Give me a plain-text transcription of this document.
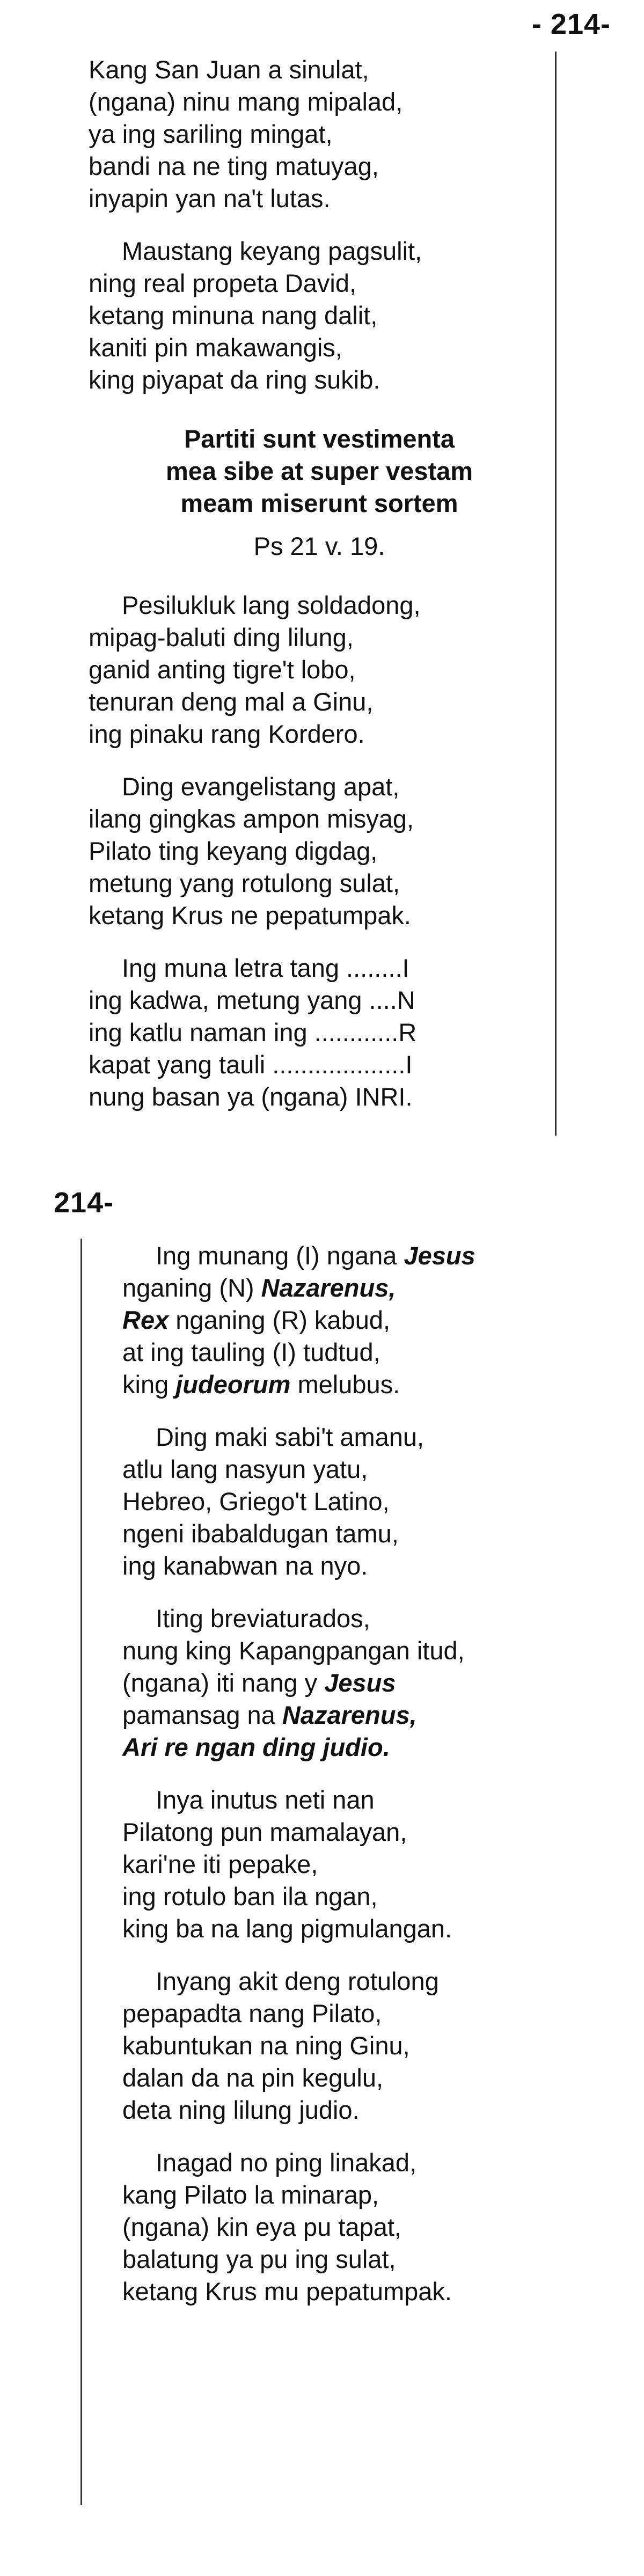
- 214-
Kang San Juan a sinulat,
(ngana) ninu mang mipalad,
ya ing sariling mingat,
bandi na ne ting matuyag,
inyapin yan na't lutas.
Maustang keyang pagsulit,
ning real propeta David,
ketang minuna nang dalit,
kaniti pin makawangis,
king piyapat da ring sukib.
Partiti sunt vestimenta
mea sibe at super vestam
meam miserunt sortem
Ps 21 v. 19.
Pesilukluk lang soldadong,
mipag-baluti ding lilung,
ganid anting tigre't lobo,
tenuran deng mal a Ginu,
ing pinaku rang Kordero.
Ding evangelistang apat,
ilang gingkas ampon misyag,
Pilato ting keyang digdag,
metung yang rotulong sulat,
ketang Krus ne pepatumpak.
Ing muna letra tang ........I
ing kadwa, metung yang ....N
ing katlu naman ing ............R
kapat yang tauli ...................I
nung basan ya (ngana) INRI.
214-
Ing munang (I) ngana Jesus
nganing (N) Nazarenus,
Rex nganing (R) kabud,
at ing tauling (I) tudtud,
king judeorum melubus.
Ding maki sabi't amanu,
atlu lang nasyun yatu,
Hebreo, Griego't Latino,
ngeni ibabaldugan tamu,
ing kanabwan na nyo.
Iting breviaturados,
nung king Kapangpangan itud,
(ngana) iti nang y Jesus
pamansag na Nazarenus,
Ari re ngan ding judio.
Inya inutus neti nan
Pilatong pun mamalayan,
kari'ne iti pepake,
ing rotulo ban ila ngan,
king ba na lang pigmulangan.
Inyang akit deng rotulong
pepapadta nang Pilato,
kabuntukan na ning Ginu,
dalan da na pin kegulu,
deta ning lilung judio.
Inagad no ping linakad,
kang Pilato la minarap,
(ngana) kin eya pu tapat,
balatung ya pu ing sulat,
ketang Krus mu pepatumpak.
